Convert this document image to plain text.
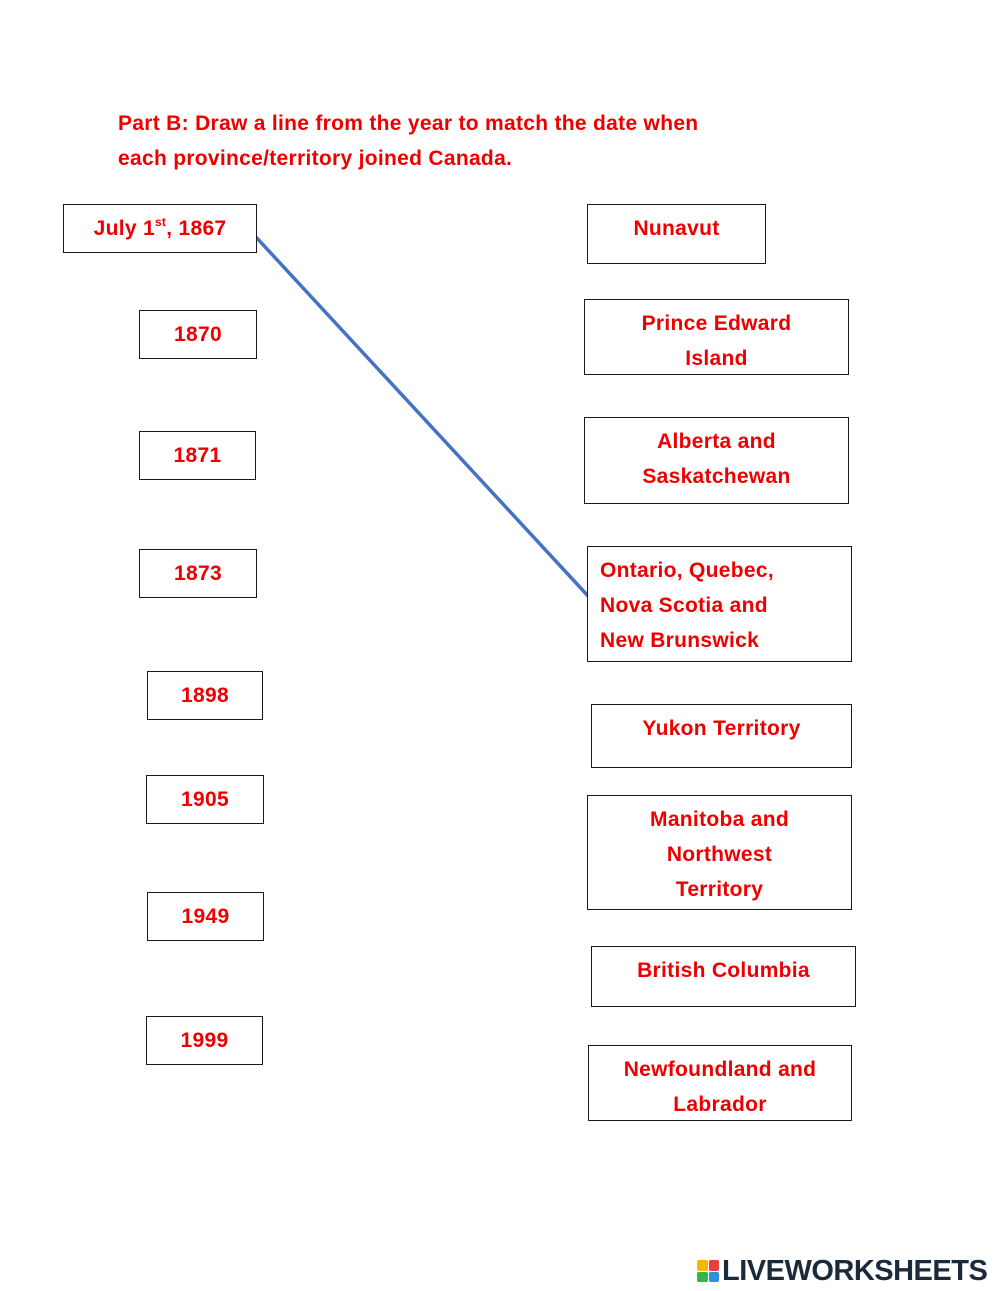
Part B: Draw a line from the year to match the date when
each province/territory joined Canada.

July 1st, 1867
1870
1871
1873
1898
1905
1949
1999
Nunavut
Prince Edward
Island
Alberta and
Saskatchewan
Ontario, Quebec,
Nova Scotia and
New Brunswick
Yukon Territory
Manitoba and
Northwest
Territory
British Columbia
Newfoundland and
Labrador
LIVEWORKSHEETS
